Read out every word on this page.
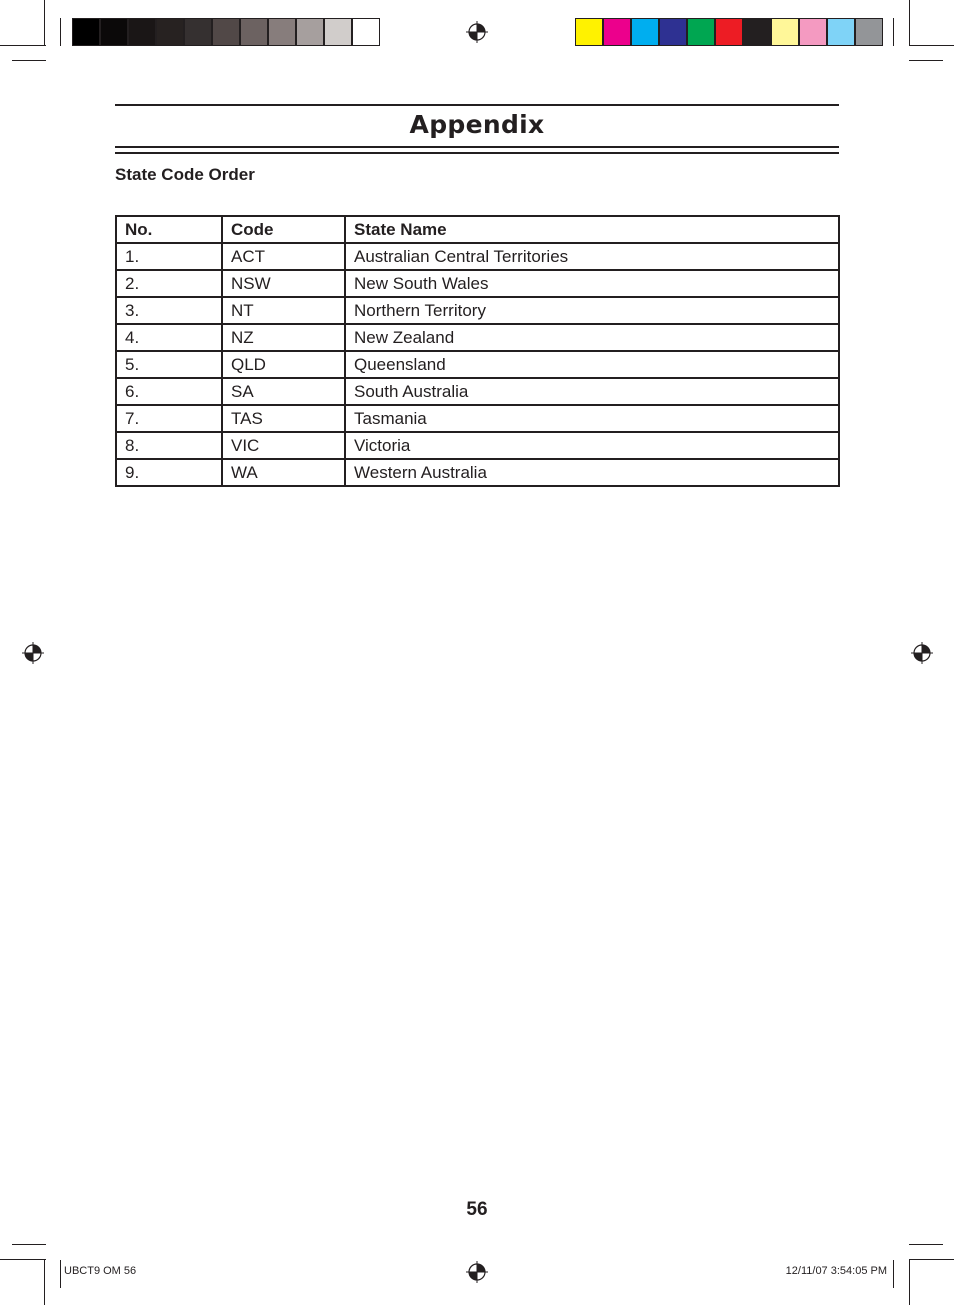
Appendix
State Code Order
No.	Code	State Name
1.	ACT	Australian Central Territories
2.	NSW	New South Wales
3.	NT	Northern Territory
4.	NZ	New Zealand
5.	QLD	Queensland
6.	SA	South Australia
7.	TAS	Tasmania
8.	VIC	Victoria
9.	WA	Western Australia
56
UBCT9 OM 56	12/11/07 3:54:05 PM
